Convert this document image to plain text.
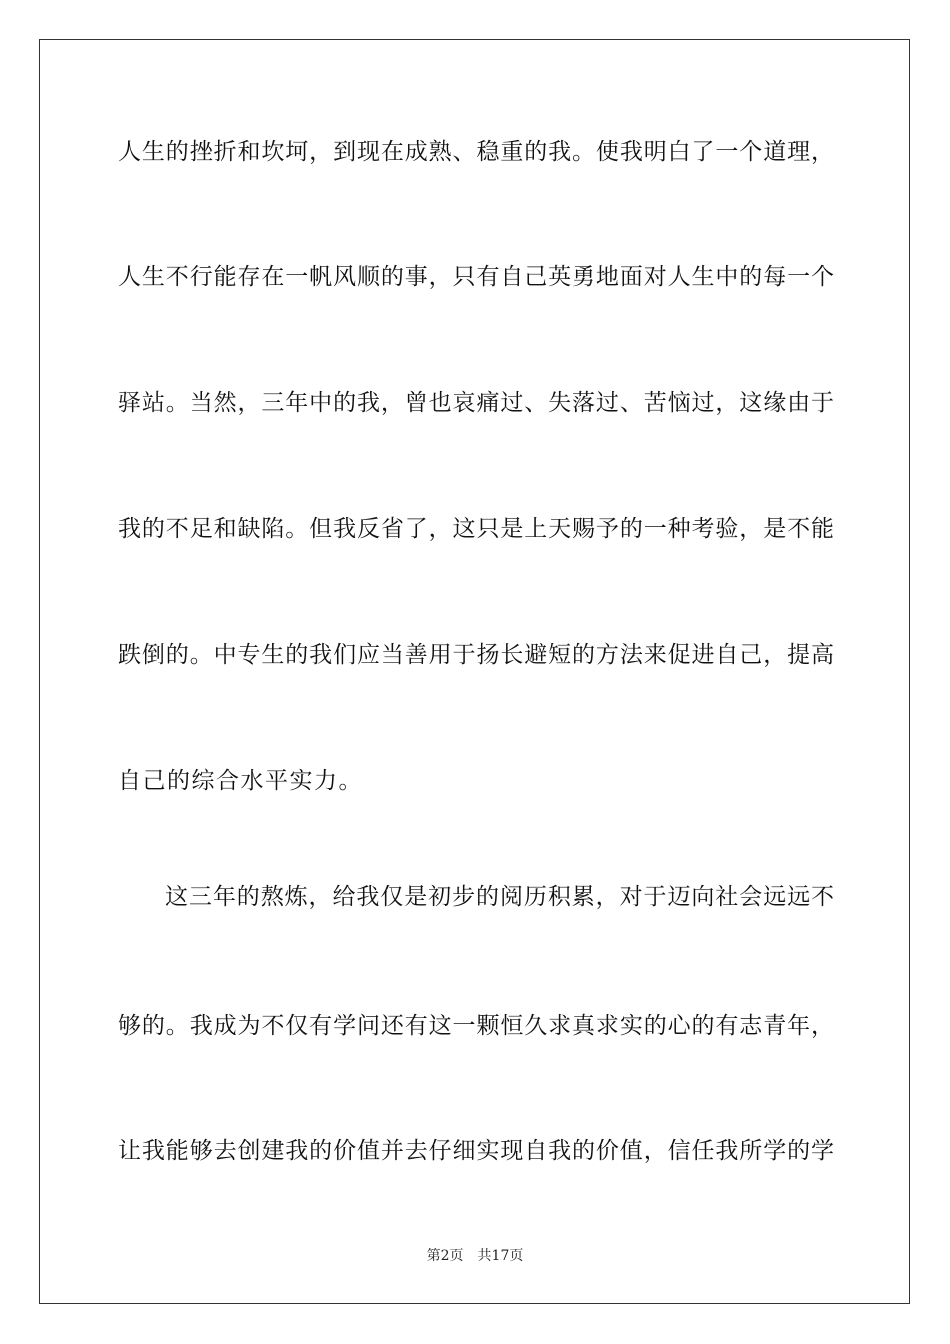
人生的挫折和坎坷，到现在成熟、稳重的我。使我明白了一个道理，
人生不行能存在一帆风顺的事，只有自己英勇地面对人生中的每一个
驿站。当然，三年中的我，曾也哀痛过、失落过、苦恼过，这缘由于
我的不足和缺陷。但我反省了，这只是上天赐予的一种考验，是不能
跌倒的。中专生的我们应当善用于扬长避短的方法来促进自己，提高
自己的综合水平实力。
这三年的熬炼，给我仅是初步的阅历积累，对于迈向社会远远不
够的。我成为不仅有学问还有这一颗恒久求真求实的心的有志青年，
让我能够去创建我的价值并去仔细实现自我的价值，信任我所学的学
第2页 共17页
